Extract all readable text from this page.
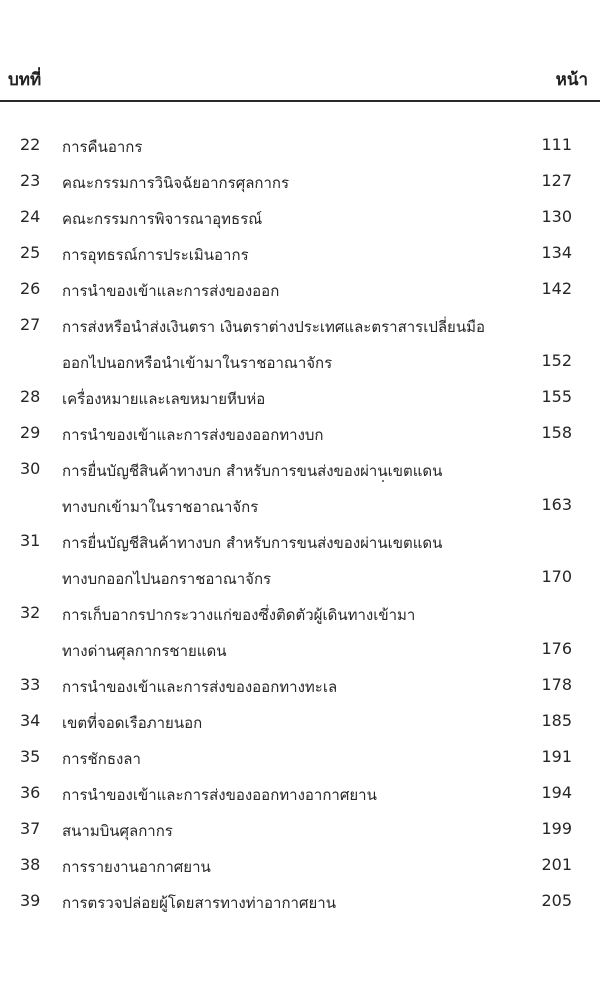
บทที่	หน้า
22 การคืนอากร	111
23 คณะกรรมการวินิจฉัยอากรศุลกากร	127
24 คณะกรรมการพิจารณาอุทธรณ์	130
25 การอุทธรณ์การประเมินอากร	134
26 การนำของเข้าและการส่งของออก	142
27 การส่งหรือนำส่งเงินตรา เงินตราต่างประเทศและตราสารเปลี่ยนมือ
ออกไปนอกหรือนำเข้ามาในราชอาณาจักร	152
28 เครื่องหมายและเลขหมายหีบห่อ	155
29 การนำของเข้าและการส่งของออกทางบก	158
30 การยื่นบัญชีสินค้าทางบก สำหรับการขนส่งของผ่านเขตแดน
ทางบกเข้ามาในราชอาณาจักร	163
31 การยื่นบัญชีสินค้าทางบก สำหรับการขนส่งของผ่านเขตแดน
ทางบกออกไปนอกราชอาณาจักร	170
32 การเก็บอากรปากระวางแก่ของซึ่งติดตัวผู้เดินทางเข้ามา
ทางด่านศุลกากรชายแดน	176
33 การนำของเข้าและการส่งของออกทางทะเล	178
34 เขตที่จอดเรือภายนอก	185
35 การชักธงลา	191
36 การนำของเข้าและการส่งของออกทางอากาศยาน	194
37 สนามบินศุลกากร	199
38 การรายงานอากาศยาน	201
39 การตรวจปล่อยผู้โดยสารทางท่าอากาศยาน	205
